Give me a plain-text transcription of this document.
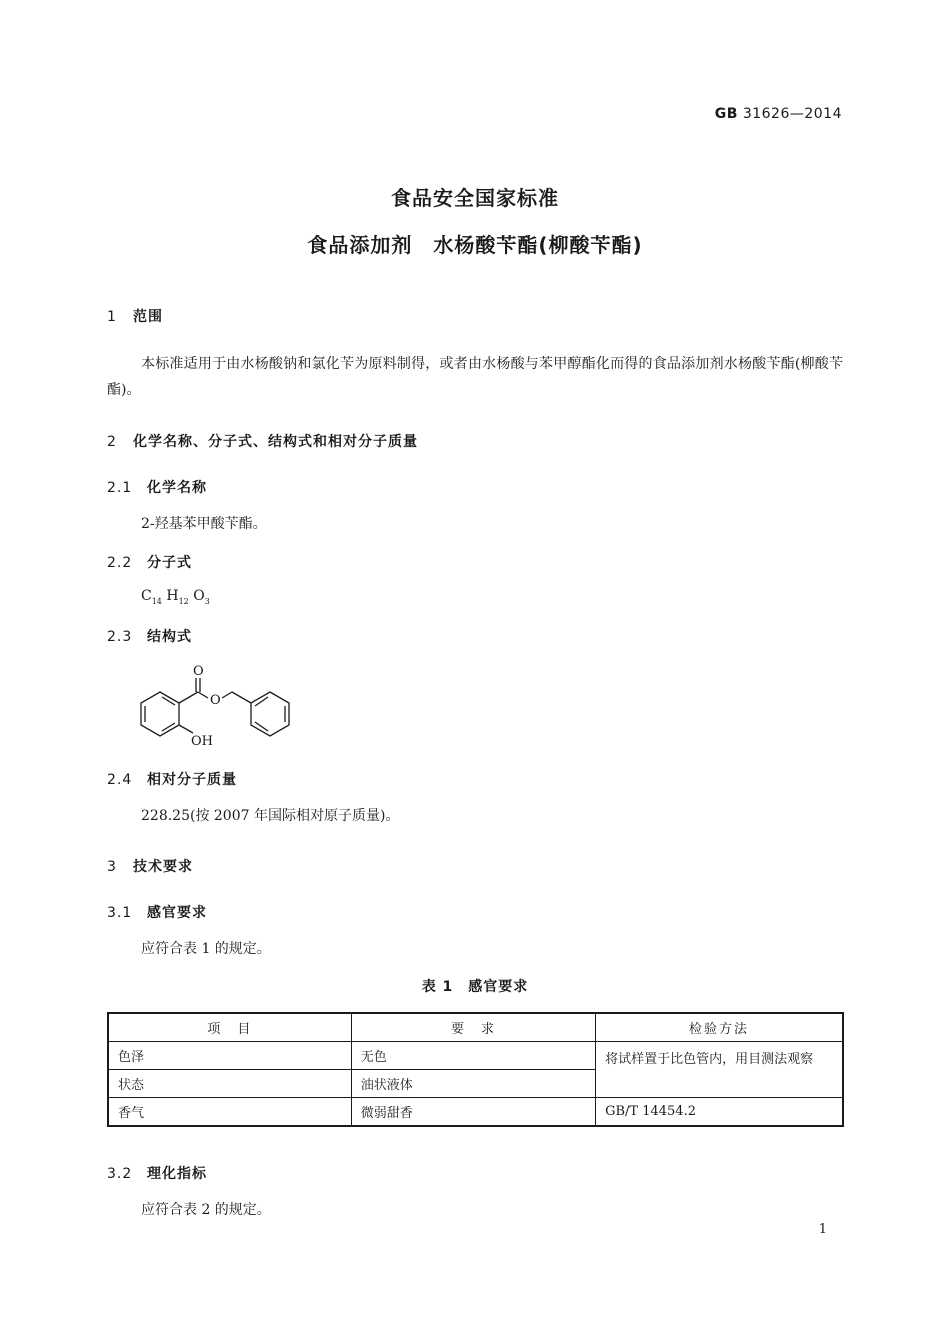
GB 31626—2014
食品安全国家标准
食品添加剂　水杨酸苄酯(柳酸苄酯)
1 范围
本标准适用于由水杨酸钠和氯化苄为原料制得，或者由水杨酸与苯甲醇酯化而得的食品添加剂水杨酸苄酯(柳酸苄酯)。
2 化学名称、分子式、结构式和相对分子质量
2.1 化学名称
2-羟基苯甲酸苄酯。
2.2 分子式
$C_{14}$ $H_{12}$ $O_3$
2.3 结构式
O
O
OH
2.4 相对分子质量
228.25(按 2007 年国际相对原子质量)。
3 技术要求
3.1 感官要求
应符合表 1 的规定。
表 1　感官要求
项　目	要　求	检验方法
色泽	无色	将试样置于比色管内，用目测法观察
状态	油状液体	
香气	微弱甜香	GB/T 14454.2
3.2 理化指标
应符合表 2 的规定。
1
